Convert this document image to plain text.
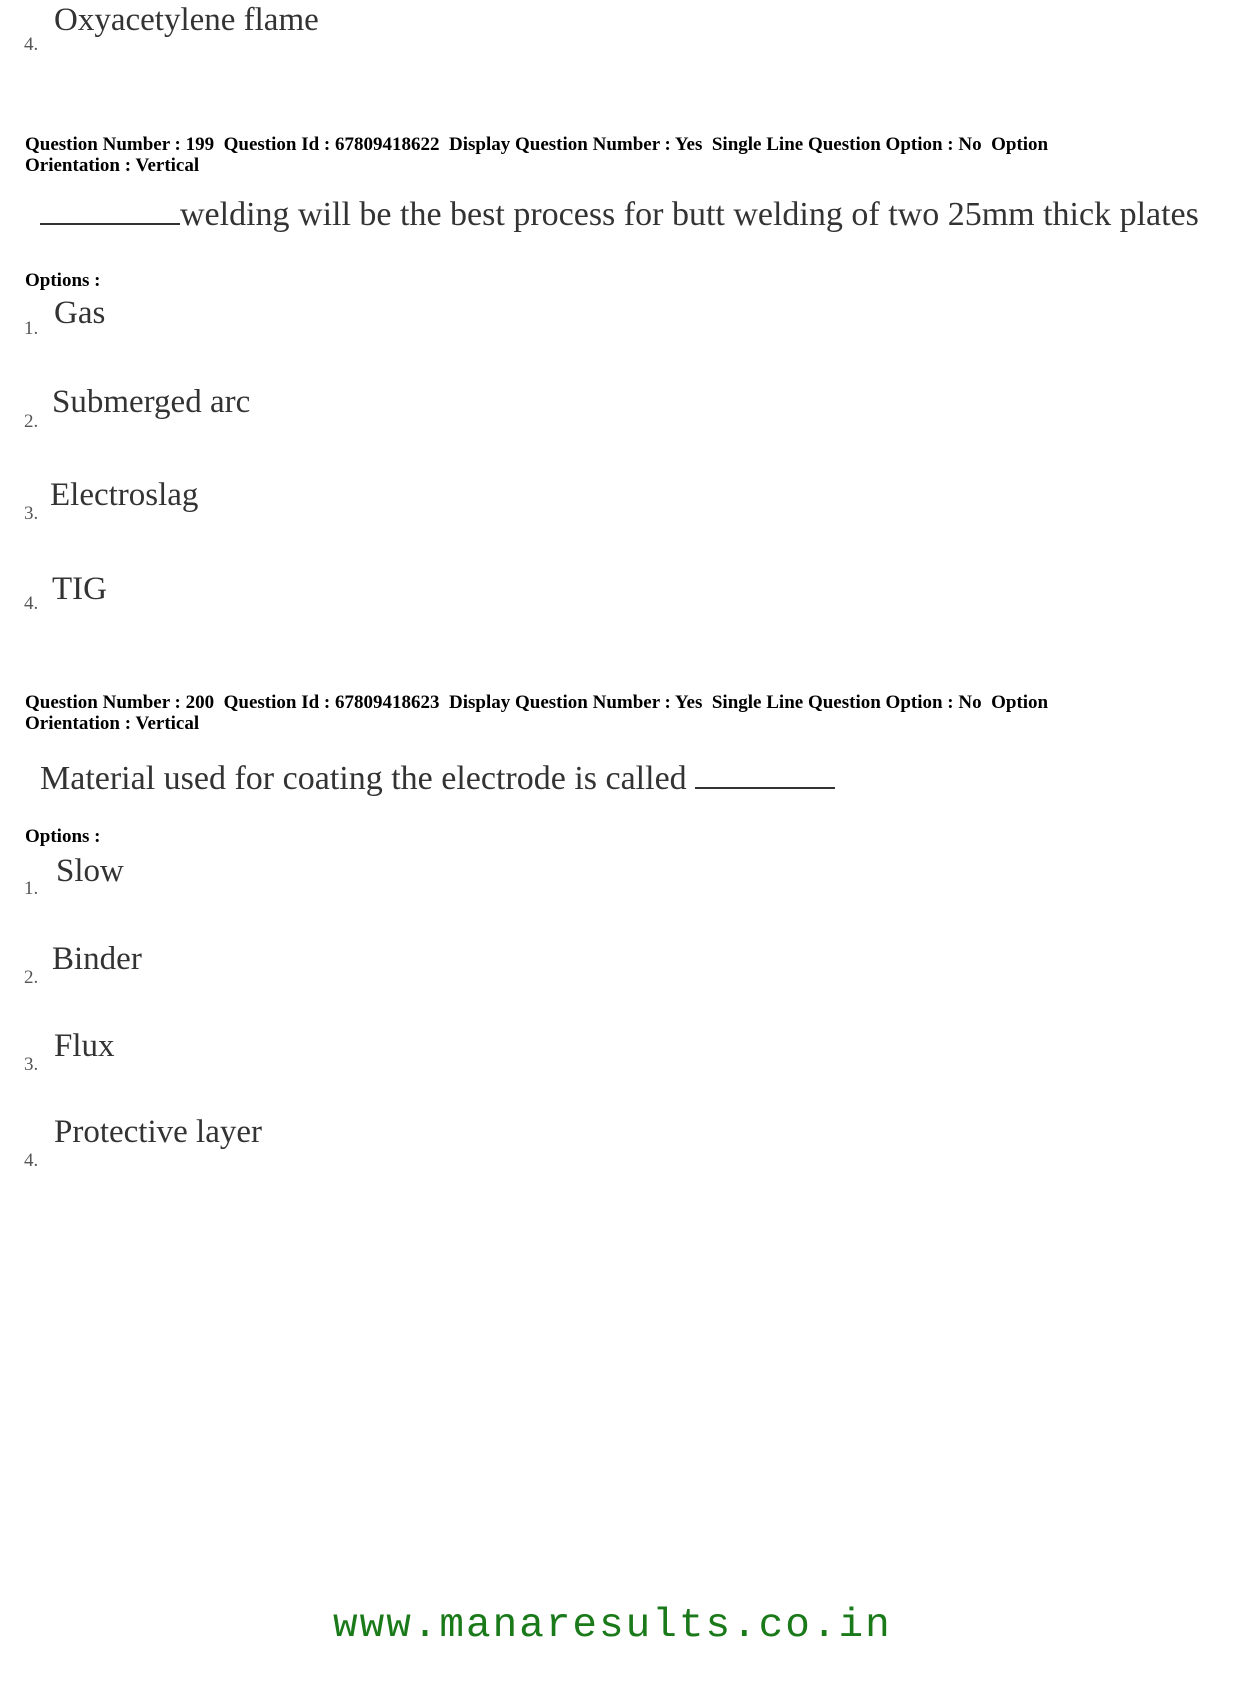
4.
Oxyacetylene flame
Question Number : 199  Question Id : 67809418622  Display Question Number : Yes  Single Line Question Option : No  Option
Orientation : Vertical
welding will be the best process for butt welding of two 25mm thick plates
Options :
1. Gas
2.
Submerged arc
3.
Electroslag
4. TIG
Question Number : 200  Question Id : 67809418623  Display Question Number : Yes  Single Line Question Option : No  Option
Orientation : Vertical
Material used for coating the electrode is called
Options :
1. Slow
2.
Binder
3.
Flux
4.
Protective layer
www.manaresults.co.in
